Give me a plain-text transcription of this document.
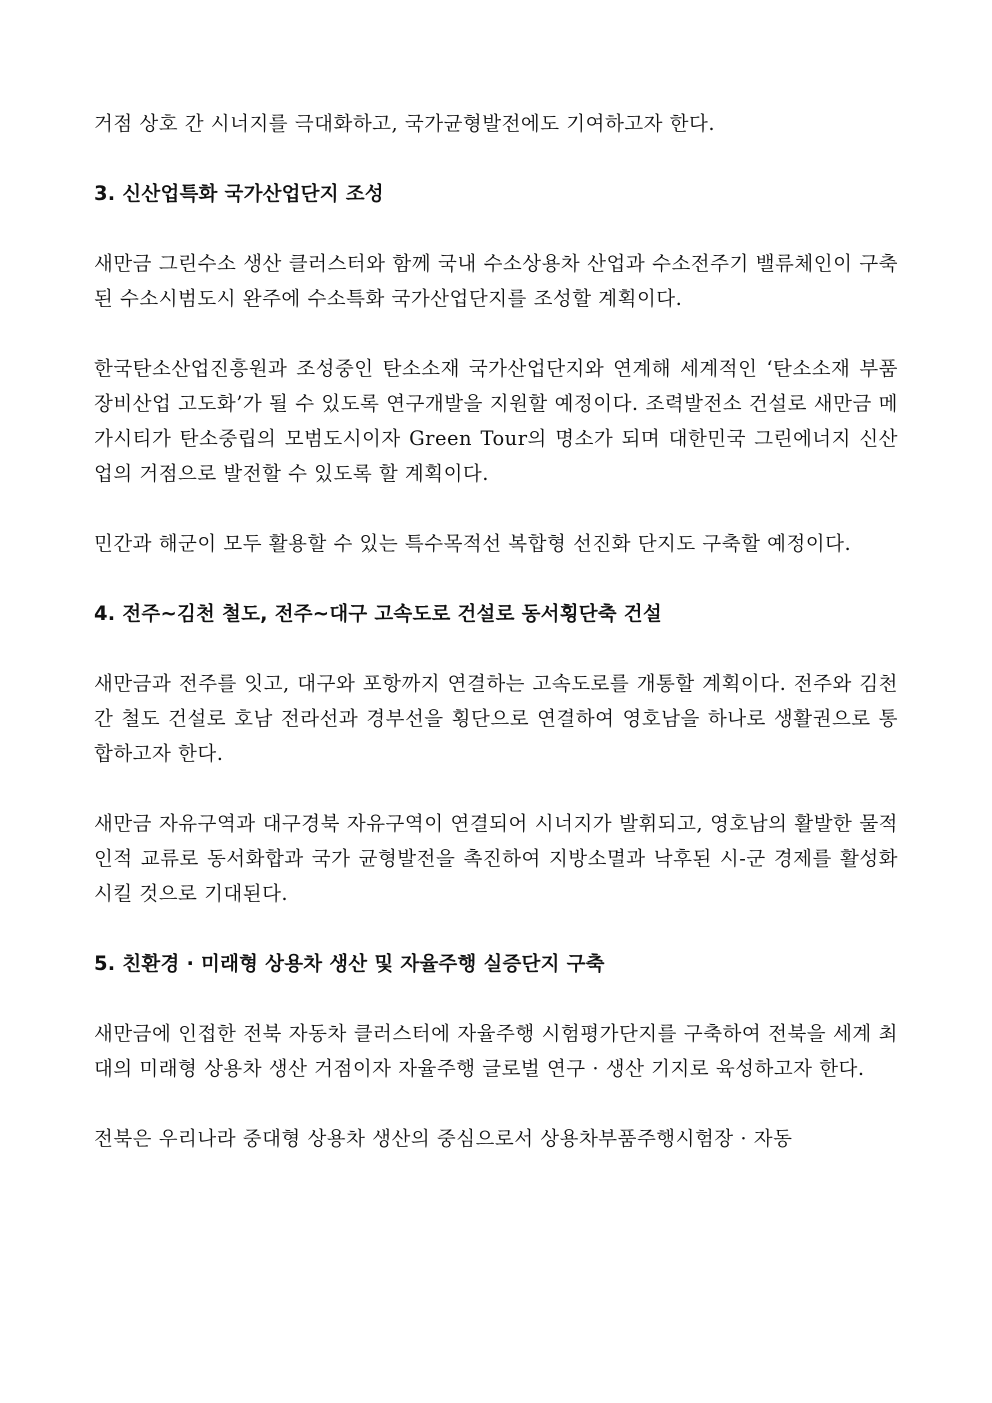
거점 상호 간 시너지를 극대화하고, 국가균형발전에도 기여하고자 한다.

3. 신산업특화 국가산업단지 조성

새만금 그린수소 생산 클러스터와 함께 국내 수소상용차 산업과 수소전주기 밸류체인이 구축된 수소시범도시 완주에 수소특화 국가산업단지를 조성할 계획이다.

한국탄소산업진흥원과 조성중인 탄소소재 국가산업단지와 연계해 세계적인 ‘탄소소재 부품장비산업 고도화’가 될 수 있도록 연구개발을 지원할 예정이다. 조력발전소 건설로 새만금 메가시티가 탄소중립의 모범도시이자 Green Tour의 명소가 되며 대한민국 그린에너지 신산업의 거점으로 발전할 수 있도록 할 계획이다.

민간과 해군이 모두 활용할 수 있는 특수목적선 복합형 선진화 단지도 구축할 예정이다.

4. 전주~김천 철도, 전주~대구 고속도로 건설로 동서횡단축 건설

새만금과 전주를 잇고, 대구와 포항까지 연결하는 고속도로를 개통할 계획이다. 전주와 김천간 철도 건설로 호남 전라선과 경부선을 횡단으로 연결하여 영호남을 하나로 생활권으로 통합하고자 한다.

새만금 자유구역과 대구경북 자유구역이 연결되어 시너지가 발휘되고, 영호남의 활발한 물적 인적 교류로 동서화합과 국가 균형발전을 촉진하여 지방소멸과 낙후된 시-군 경제를 활성화시킬 것으로 기대된다.

5. 친환경 · 미래형 상용차 생산 및 자율주행 실증단지 구축

새만금에 인접한 전북 자동차 클러스터에 자율주행 시험평가단지를 구축하여 전북을 세계 최대의 미래형 상용차 생산 거점이자 자율주행 글로벌 연구 · 생산 기지로 육성하고자 한다.

전북은 우리나라 중대형 상용차 생산의 중심으로서 상용차부품주행시험장 · 자동
